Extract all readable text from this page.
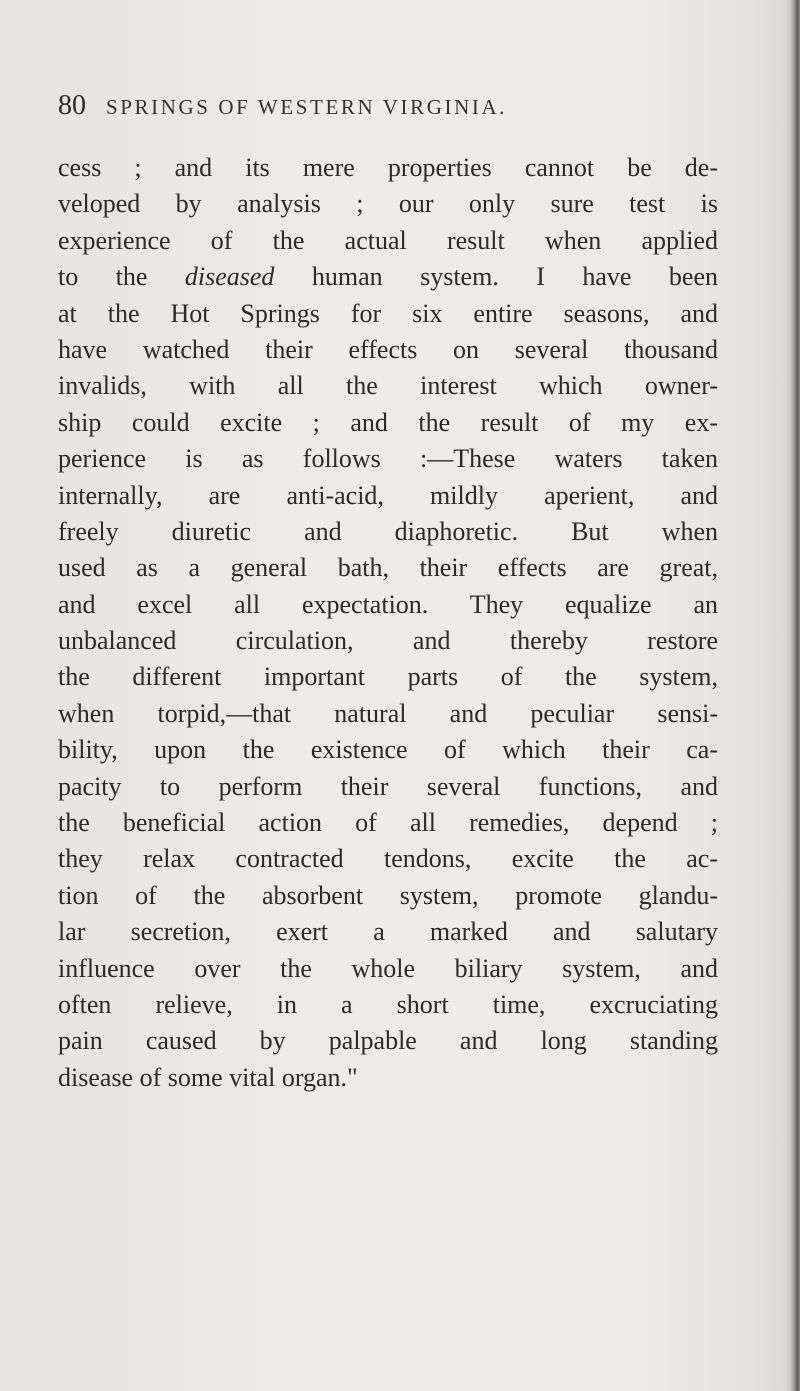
80 SPRINGS OF WESTERN VIRGINIA.
cess ; and its mere properties cannot be de-
veloped by analysis ; our only sure test is
experience of the actual result when applied
to the diseased human system. I have been
at the Hot Springs for six entire seasons, and
have watched their effects on several thousand
invalids, with all the interest which owner-
ship could excite ; and the result of my ex-
perience is as follows :—These waters taken
internally, are anti-acid, mildly aperient, and
freely diuretic and diaphoretic. But when
used as a general bath, their effects are great,
and excel all expectation. They equalize an
unbalanced circulation, and thereby restore
the different important parts of the system,
when torpid,—that natural and peculiar sensi-
bility, upon the existence of which their ca-
pacity to perform their several functions, and
the beneficial action of all remedies, depend ;
they relax contracted tendons, excite the ac-
tion of the absorbent system, promote glandu-
lar secretion, exert a marked and salutary
influence over the whole biliary system, and
often relieve, in a short time, excruciating
pain caused by palpable and long standing
disease of some vital organ."
